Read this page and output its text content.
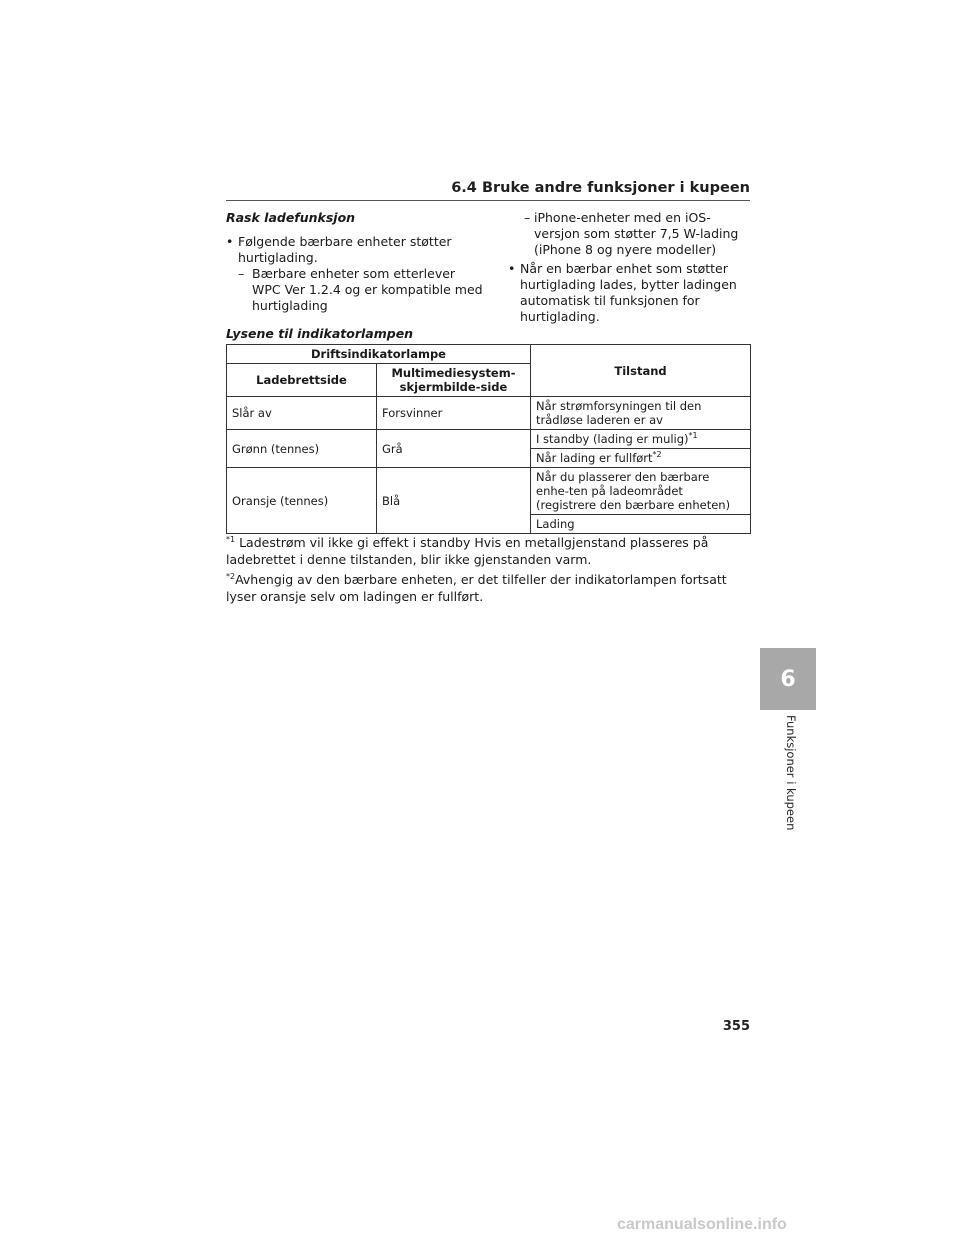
6.4 Bruke andre funksjoner i kupeen

Rask ladefunksjon

• Følgende bærbare enheter støtter hurtiglading.

– Bærbare enheter som etterlever WPC Ver 1.2.4 og er kompatible med hurtiglading

– iPhone-enheter med en iOS-versjon som støtter 7,5 W-lading (iPhone 8 og nyere modeller)

• Når en bærbar enhet som støtter hurtiglading lades, bytter ladingen automatisk til funksjonen for hurtiglading.

Lysene til indikatorlampen
Driftsindikatorlampe		Tilstand
Ladebrettside	Multimediesystem-skjermbilde-side	
Slår av	Forsvinner	Når strømforsyningen til den trådløse laderen er av
Grønn (tennes)	Grå	I standby (lading er mulig)$^{*1}$
		Når lading er fullført$^{*2}$
Oransje (tennes)	Blå	Når du plasserer den bærbare enhe-ten på ladeområdet (registrere den bærbare enheten)
		Lading
$^{*1}$ Ladestrøm vil ikke gi effekt i standby Hvis en metallgjenstand plasseres på ladebrettet i denne tilstanden, blir ikke gjenstanden varm.
$^{*2}$Avhengig av den bærbare enheten, er det tilfeller der indikatorlampen fortsatt lyser oransje selv om ladingen er fullført.
6
Funksjoner i kupeen
355
carmanualsonline.info
